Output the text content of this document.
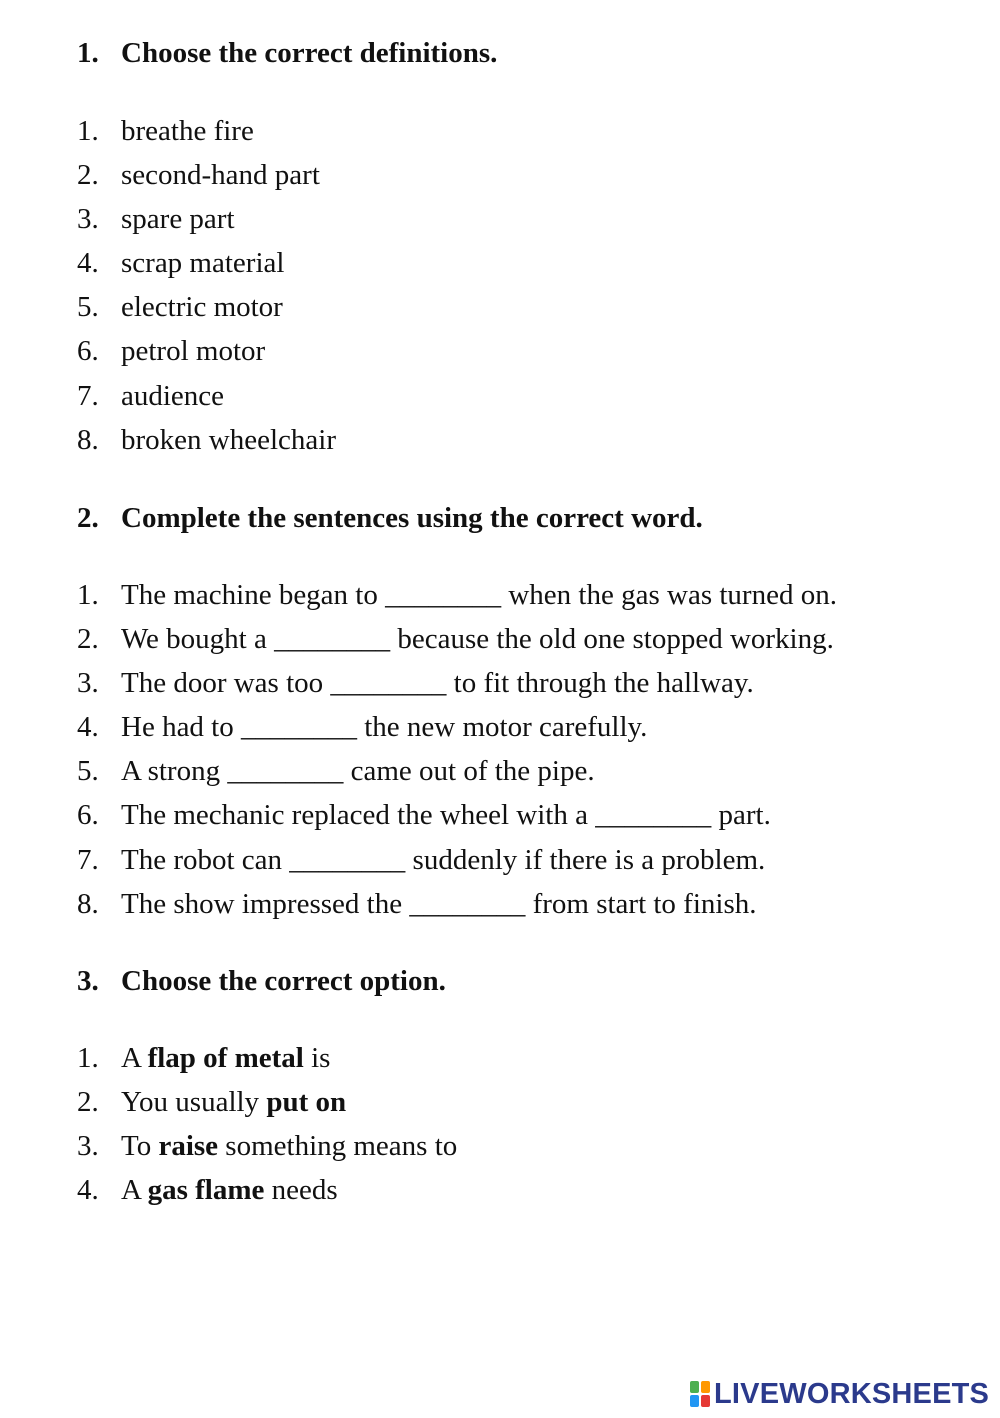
1. Choose the correct definitions.
1. breathe fire
2. second-hand part
3. spare part
4. scrap material
5. electric motor
6. petrol motor
7. audience
8. broken wheelchair
2. Complete the sentences using the correct word.
1. The machine began to ________ when the gas was turned on.
2. We bought a ________ because the old one stopped working.
3. The door was too ________ to fit through the hallway.
4. He had to ________ the new motor carefully.
5. A strong ________ came out of the pipe.
6. The mechanic replaced the wheel with a ________ part.
7. The robot can ________ suddenly if there is a problem.
8. The show impressed the ________ from start to finish.
3. Choose the correct option.
1. A flap of metal is
2. You usually put on
3. To raise something means to
4. A gas flame needs
LIVEWORKSHEETS
